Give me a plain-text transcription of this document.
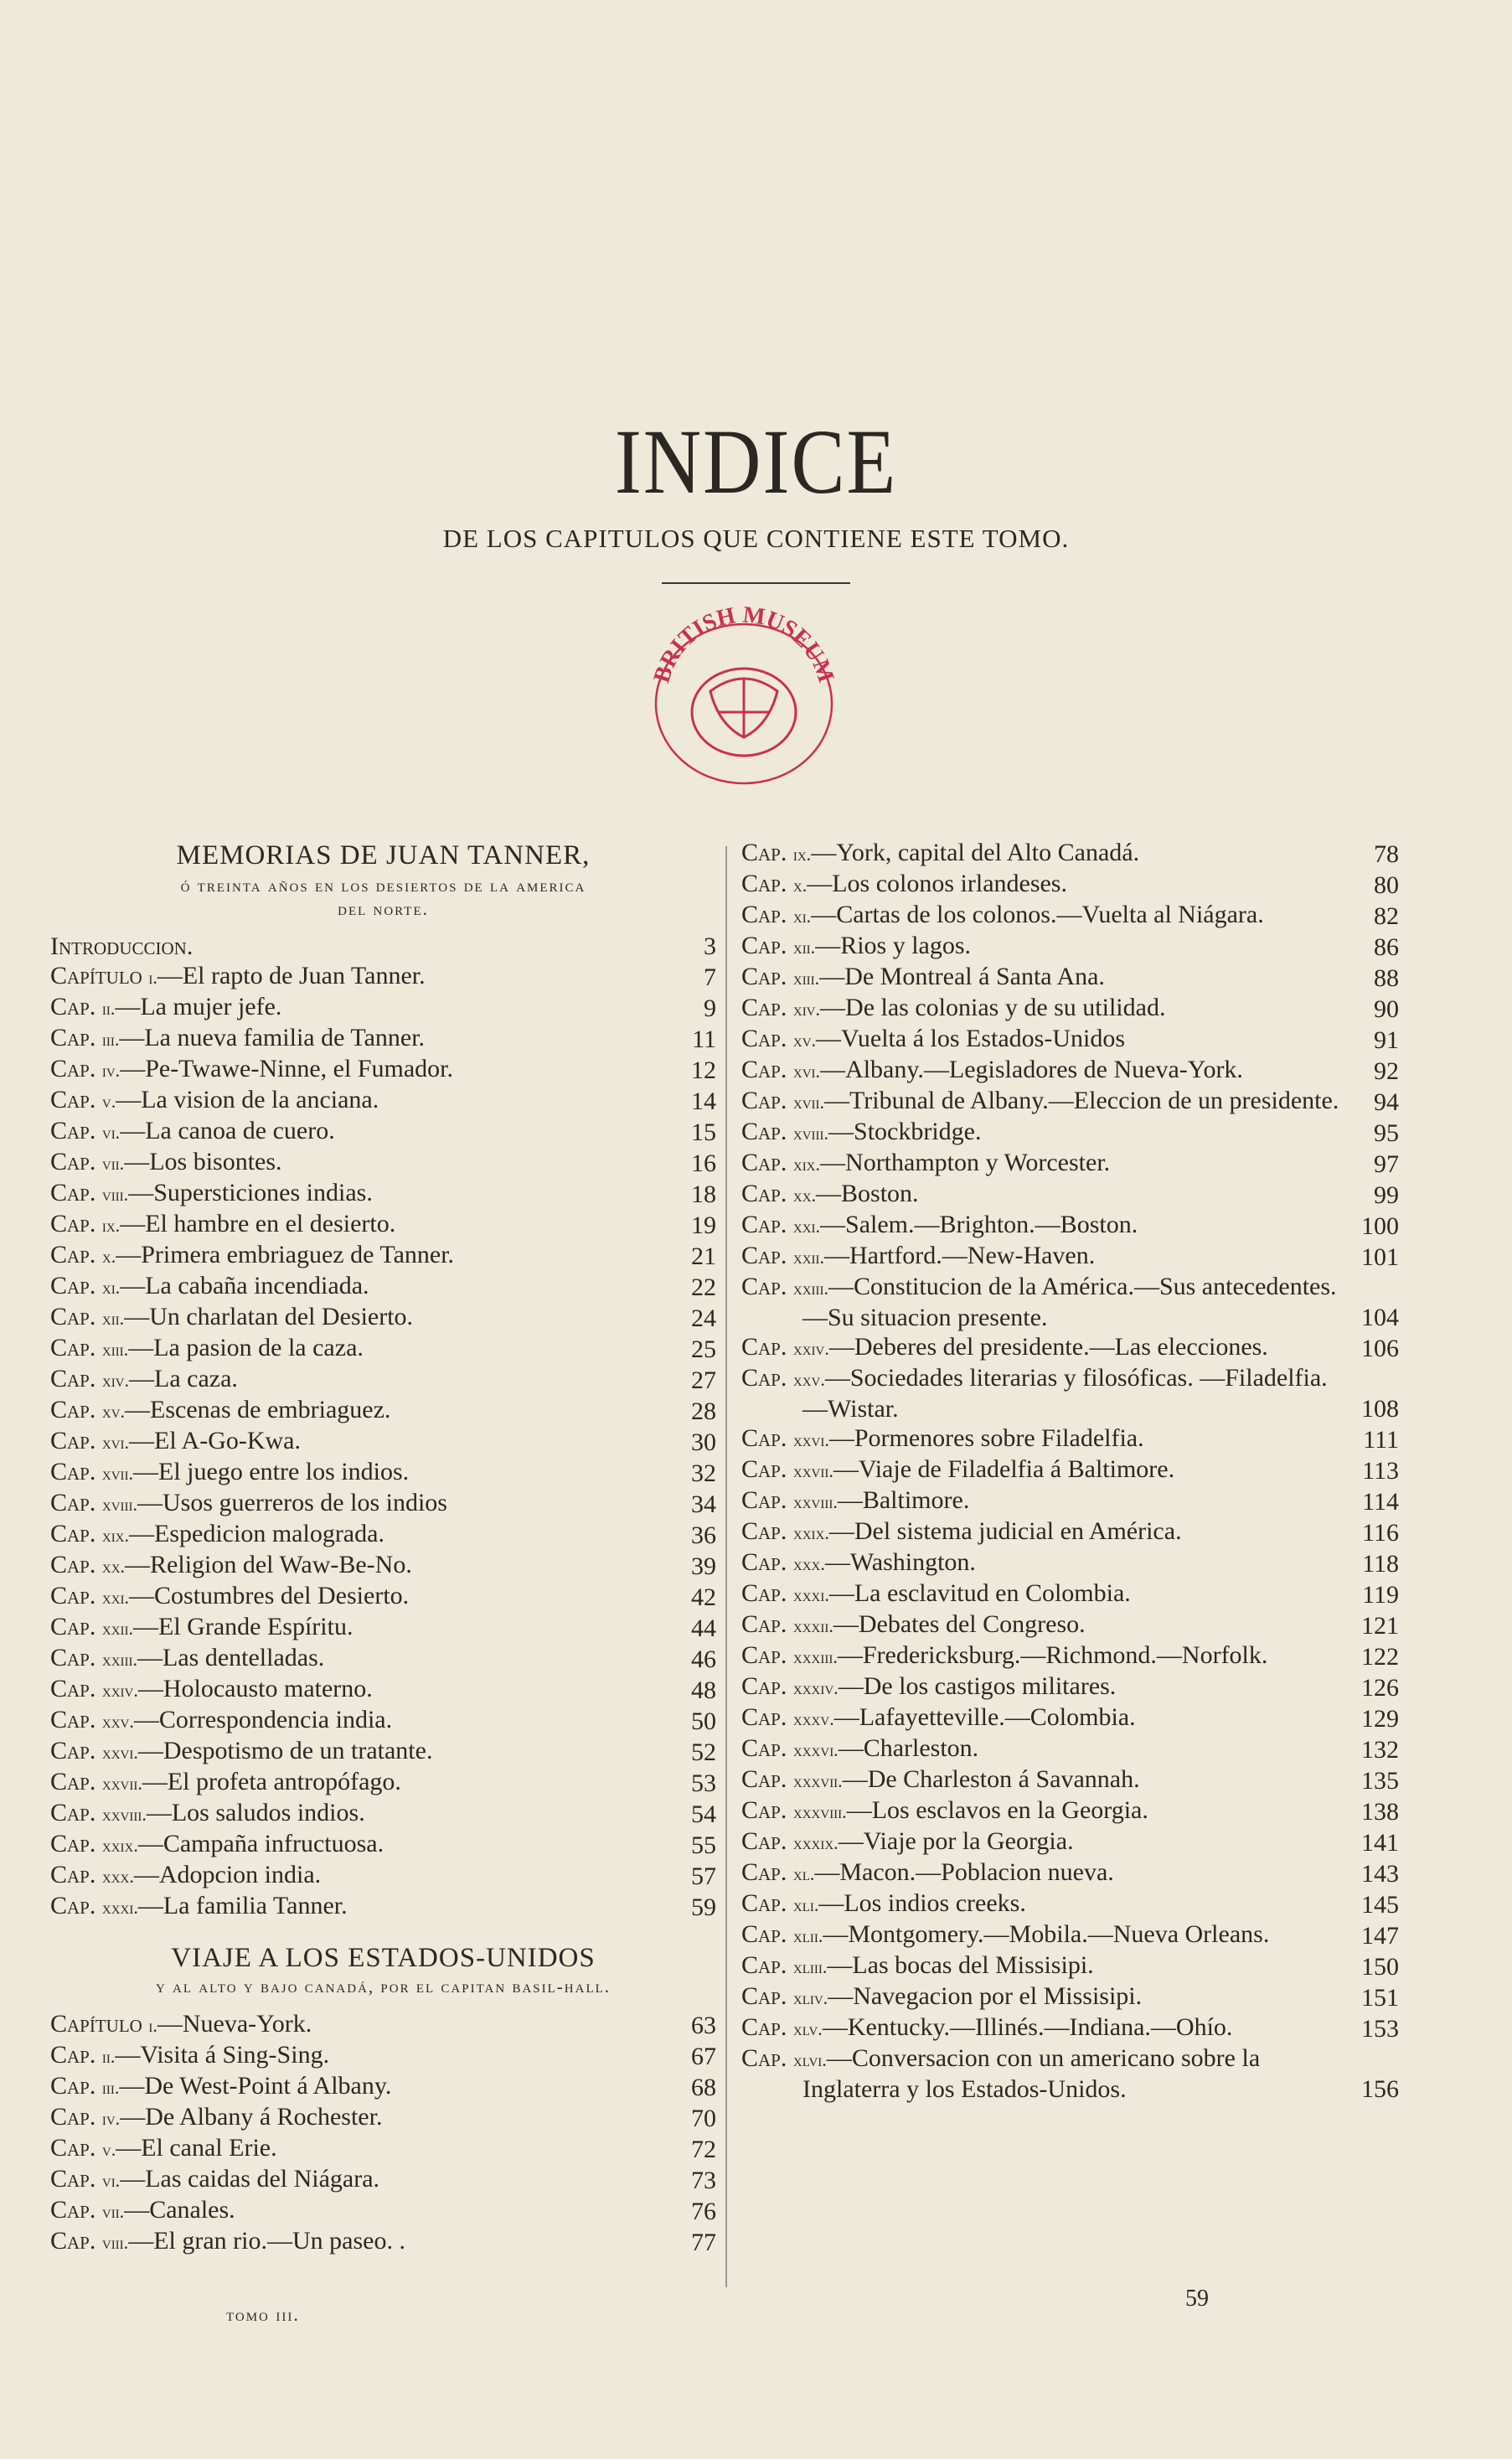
INDICE
DE LOS CAPITULOS QUE CONTIENE ESTE TOMO.
BRITISH MUSEUM
MEMORIAS DE JUAN TANNER,
ó treinta años en los desiertos de la america
del norte.
Introduccion.	3
Capítulo i.—El rapto de Juan Tanner.	7
Cap. ii.—La mujer jefe.	9
Cap. iii.—La nueva familia de Tanner.	11
Cap. iv.—Pe-Twawe-Ninne, el Fumador.	12
Cap. v.—La vision de la anciana.	14
Cap. vi.—La canoa de cuero.	15
Cap. vii.—Los bisontes.	16
Cap. viii.—Supersticiones indias.	18
Cap. ix.—El hambre en el desierto.	19
Cap. x.—Primera embriaguez de Tanner.	21
Cap. xi.—La cabaña incendiada.	22
Cap. xii.—Un charlatan del Desierto.	24
Cap. xiii.—La pasion de la caza.	25
Cap. xiv.—La caza.	27
Cap. xv.—Escenas de embriaguez.	28
Cap. xvi.—El A-Go-Kwa.	30
Cap. xvii.—El juego entre los indios.	32
Cap. xviii.—Usos guerreros de los indios	34
Cap. xix.—Espedicion malograda.	36
Cap. xx.—Religion del Waw-Be-No.	39
Cap. xxi.—Costumbres del Desierto.	42
Cap. xxii.—El Grande Espíritu.	44
Cap. xxiii.—Las dentelladas.	46
Cap. xxiv.—Holocausto materno.	48
Cap. xxv.—Correspondencia india.	50
Cap. xxvi.—Despotismo de un tratante.	52
Cap. xxvii.—El profeta antropófago.	53
Cap. xxviii.—Los saludos indios.	54
Cap. xxix.—Campaña infructuosa.	55
Cap. xxx.—Adopcion india.	57
Cap. xxxi.—La familia Tanner.	59
VIAJE A LOS ESTADOS-UNIDOS
y al alto y bajo canadá, por el capitan basil-hall.
Capítulo i.—Nueva-York.	63
Cap. ii.—Visita á Sing-Sing.	67
Cap. iii.—De West-Point á Albany.	68
Cap. iv.—De Albany á Rochester.	70
Cap. v.—El canal Erie.	72
Cap. vi.—Las caidas del Niágara.	73
Cap. vii.—Canales.	76
Cap. viii.—El gran rio.—Un paseo. .	77
Cap. ix.—York, capital del Alto Canadá.	78
Cap. x.—Los colonos irlandeses.	80
Cap. xi.—Cartas de los colonos.—Vuelta al Niágara.	82
Cap. xii.—Rios y lagos.	86
Cap. xiii.—De Montreal á Santa Ana.	88
Cap. xiv.—De las colonias y de su utilidad.	90
Cap. xv.—Vuelta á los Estados-Unidos	91
Cap. xvi.—Albany.—Legisladores de Nueva-York.	92
Cap. xvii.—Tribunal de Albany.—Eleccion de un presidente.	94
Cap. xviii.—Stockbridge.	95
Cap. xix.—Northampton y Worcester.	97
Cap. xx.—Boston.	99
Cap. xxi.—Salem.—Brighton.—Boston.	100
Cap. xxii.—Hartford.—New-Haven.	101
Cap. xxiii.—Constitucion de la América.—Sus antecedentes.—Su situacion presente.	104
Cap. xxiv.—Deberes del presidente.—Las elecciones.	106
Cap. xxv.—Sociedades literarias y filosóficas. —Filadelfia.—Wistar.	108
Cap. xxvi.—Pormenores sobre Filadelfia.	111
Cap. xxvii.—Viaje de Filadelfia á Baltimore.	113
Cap. xxviii.—Baltimore.	114
Cap. xxix.—Del sistema judicial en América.	116
Cap. xxx.—Washington.	118
Cap. xxxi.—La esclavitud en Colombia.	119
Cap. xxxii.—Debates del Congreso.	121
Cap. xxxiii.—Fredericksburg.—Richmond.—Norfolk.	122
Cap. xxxiv.—De los castigos militares.	126
Cap. xxxv.—Lafayetteville.—Colombia.	129
Cap. xxxvi.—Charleston.	132
Cap. xxxvii.—De Charleston á Savannah.	135
Cap. xxxviii.—Los esclavos en la Georgia.	138
Cap. xxxix.—Viaje por la Georgia.	141
Cap. xl.—Macon.—Poblacion nueva.	143
Cap. xli.—Los indios creeks.	145
Cap. xlii.—Montgomery.—Mobila.—Nueva Orleans.	147
Cap. xliii.—Las bocas del Missisipi.	150
Cap. xliv.—Navegacion por el Missisipi.	151
Cap. xlv.—Kentucky.—Illinés.—Indiana.—Ohío.	153
Cap. xlvi.—Conversacion con un americano sobre la Inglaterra y los Estados-Unidos.	156
tomo iii.
59
